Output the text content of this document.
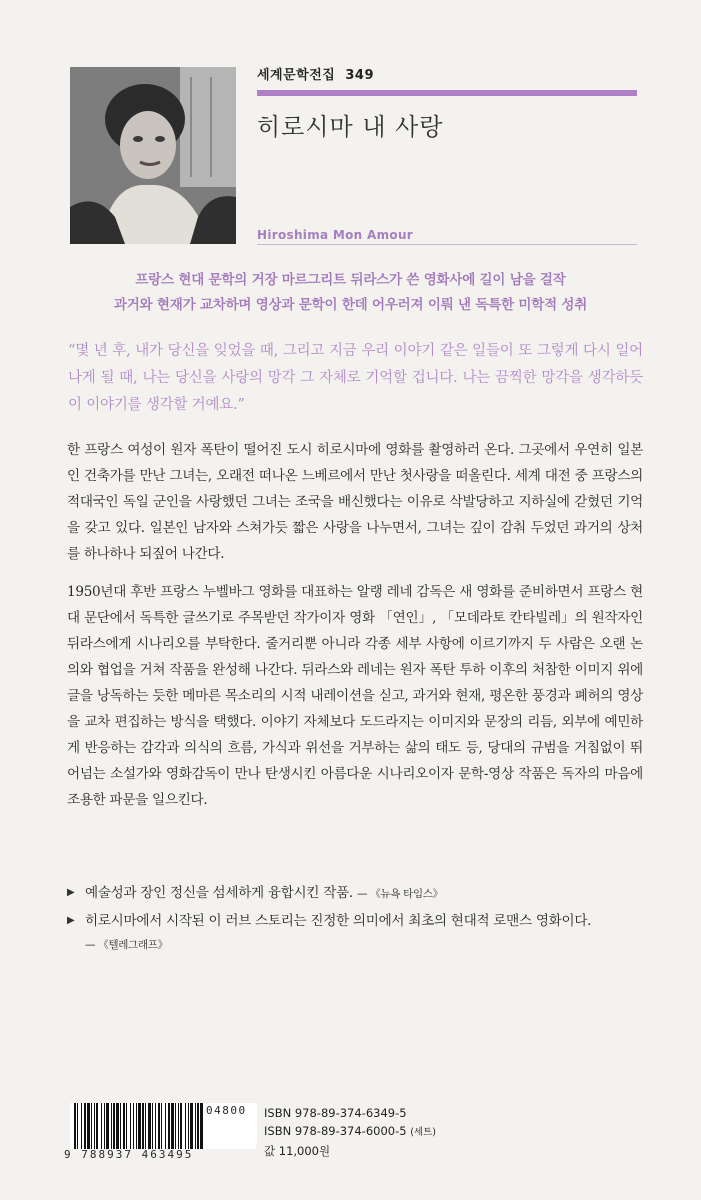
세계문학전집 349
히로시마 내 사랑
Hiroshima Mon Amour
프랑스 현대 문학의 거장 마르그리트 뒤라스가 쓴 영화사에 길이 남을 걸작
과거와 현재가 교차하며 영상과 문학이 한데 어우러져 이뤄 낸 독특한 미학적 성취
“몇 년 후, 내가 당신을 잊었을 때, 그리고 지금 우리 이야기 같은 일들이 또 그렇게 다시 일어나게 될 때, 나는 당신을 사랑의 망각 그 자체로 기억할 겁니다. 나는 끔찍한 망각을 생각하듯 이 이야기를 생각할 거예요.”

한 프랑스 여성이 원자 폭탄이 떨어진 도시 히로시마에 영화를 촬영하러 온다. 그곳에서 우연히 일본인 건축가를 만난 그녀는, 오래전 떠나온 느베르에서 만난 첫사랑을 떠올린다. 세계 대전 중 프랑스의 적대국인 독일 군인을 사랑했던 그녀는 조국을 배신했다는 이유로 삭발당하고 지하실에 갇혔던 기억을 갖고 있다. 일본인 남자와 스쳐가듯 짧은 사랑을 나누면서, 그녀는 깊이 감춰 두었던 과거의 상처를 하나하나 되짚어 나간다.

1950년대 후반 프랑스 누벨바그 영화를 대표하는 알랭 레네 감독은 새 영화를 준비하면서 프랑스 현대 문단에서 독특한 글쓰기로 주목받던 작가이자 영화 「연인」, 「모데라토 칸타빌레」의 원작자인 뒤라스에게 시나리오를 부탁한다. 줄거리뿐 아니라 각종 세부 사항에 이르기까지 두 사람은 오랜 논의와 협업을 거쳐 작품을 완성해 나간다. 뒤라스와 레네는 원자 폭탄 투하 이후의 처참한 이미지 위에 글을 낭독하는 듯한 메마른 목소리의 시적 내레이션을 싣고, 과거와 현재, 평온한 풍경과 폐허의 영상을 교차 편집하는 방식을 택했다. 이야기 자체보다 도드라지는 이미지와 문장의 리듬, 외부에 예민하게 반응하는 감각과 의식의 흐름, 가식과 위선을 거부하는 삶의 태도 등, 당대의 규범을 거침없이 뛰어넘는 소설가와 영화감독이 만나 탄생시킨 아름다운 시나리오이자 문학-영상 작품은 독자의 마음에 조용한 파문을 일으킨다.

▶ 예술성과 장인 정신을 섬세하게 융합시킨 작품. — 《뉴욕 타임스》
▶ 히로시마에서 시작된 이 러브 스토리는 진정한 의미에서 최초의 현대적 로맨스 영화이다.
— 《텔레그래프》
04800
9 788937 463495
ISBN 978-89-374-6349-5
ISBN 978-89-374-6000-5 (세트)
값 11,000원
